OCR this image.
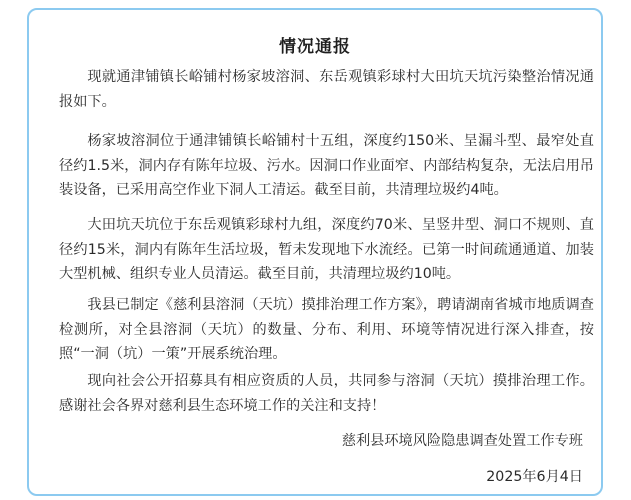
情况通报

现就通津铺镇长峪铺村杨家坡溶洞、东岳观镇彩球村大田坑天坑污染整治情况通报如下。

杨家坡溶洞位于通津铺镇长峪铺村十五组，深度约150米、呈漏斗型、最窄处直径约1.5米，洞内存有陈年垃圾、污水。因洞口作业面窄、内部结构复杂，无法启用吊装设备，已采用高空作业下洞人工清运。截至目前，共清理垃圾约4吨。

大田坑天坑位于东岳观镇彩球村九组，深度约70米、呈竖井型、洞口不规则、直径约15米，洞内有陈年生活垃圾，暂未发现地下水流经。已第一时间疏通通道、加装大型机械、组织专业人员清运。截至目前，共清理垃圾约10吨。

我县已制定《慈利县溶洞（天坑）摸排治理工作方案》，聘请湖南省城市地质调查检测所，对全县溶洞（天坑）的数量、分布、利用、环境等情况进行深入排查，按照“一洞（坑）一策”开展系统治理。

现向社会公开招募具有相应资质的人员，共同参与溶洞（天坑）摸排治理工作。感谢社会各界对慈利县生态环境工作的关注和支持！

慈利县环境风险隐患调查处置工作专班
2025年6月4日
